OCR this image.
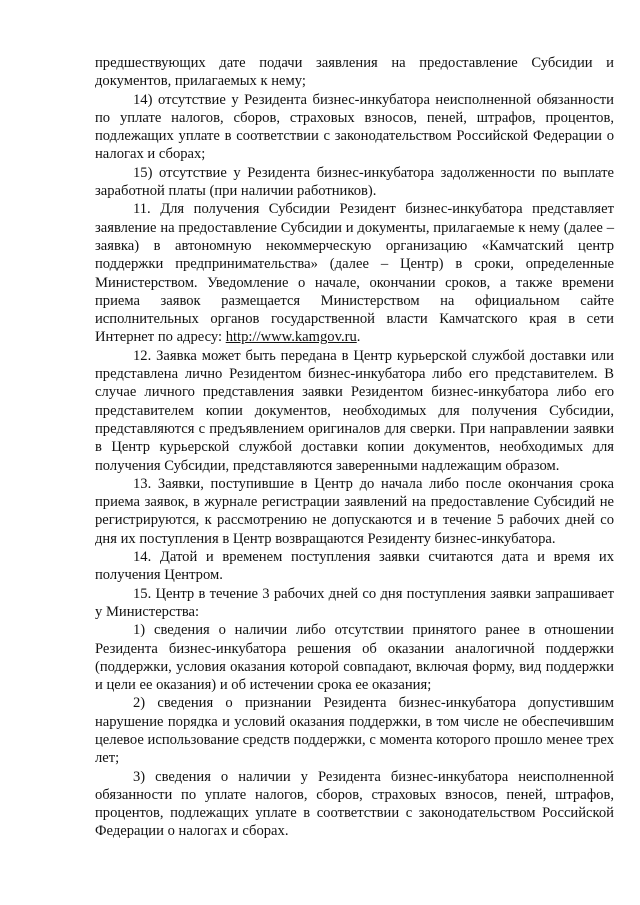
предшествующих дате подачи заявления на предоставление Субсидии и документов, прилагаемых к нему;

14) отсутствие у Резидента бизнес-инкубатора неисполненной обязанности по уплате налогов, сборов, страховых взносов, пеней, штрафов, процентов, подлежащих уплате в соответствии с законодательством Российской Федерации о налогах и сборах;

15) отсутствие у Резидента бизнес-инкубатора задолженности по выплате заработной платы (при наличии работников).

11. Для получения Субсидии Резидент бизнес-инкубатора представляет заявление на предоставление Субсидии и документы, прилагаемые к нему (далее – заявка) в автономную некоммерческую организацию «Камчатский центр поддержки предпринимательства» (далее – Центр) в сроки, определенные Министерством. Уведомление о начале, окончании сроков, а также времени приема заявок размещается Министерством на официальном сайте исполнительных органов государственной власти Камчатского края в сети Интернет по адресу: http://www.kamgov.ru.

12. Заявка может быть передана в Центр курьерской службой доставки или представлена лично Резидентом бизнес-инкубатора либо его представителем. В случае личного представления заявки Резидентом бизнес-инкубатора либо его представителем копии документов, необходимых для получения Субсидии, представляются с предъявлением оригиналов для сверки. При направлении заявки в Центр курьерской службой доставки копии документов, необходимых для получения Субсидии, представляются заверенными надлежащим образом.

13. Заявки, поступившие в Центр до начала либо после окончания срока приема заявок, в журнале регистрации заявлений на предоставление Субсидий не регистрируются, к рассмотрению не допускаются и в течение 5 рабочих дней со дня их поступления в Центр возвращаются Резиденту бизнес-инкубатора.

14. Датой и временем поступления заявки считаются дата и время их получения Центром.

15. Центр в течение 3 рабочих дней со дня поступления заявки запрашивает у Министерства:

1) сведения о наличии либо отсутствии принятого ранее в отношении Резидента бизнес-инкубатора решения об оказании аналогичной поддержки (поддержки, условия оказания которой совпадают, включая форму, вид поддержки и цели ее оказания) и об истечении срока ее оказания;

2) сведения о признании Резидента бизнес-инкубатора допустившим нарушение порядка и условий оказания поддержки, в том числе не обеспечившим целевое использование средств поддержки, с момента которого прошло менее трех лет;

3) сведения о наличии у Резидента бизнес-инкубатора неисполненной обязанности по уплате налогов, сборов, страховых взносов, пеней, штрафов, процентов, подлежащих уплате в соответствии с законодательством Российской Федерации о налогах и сборах.
